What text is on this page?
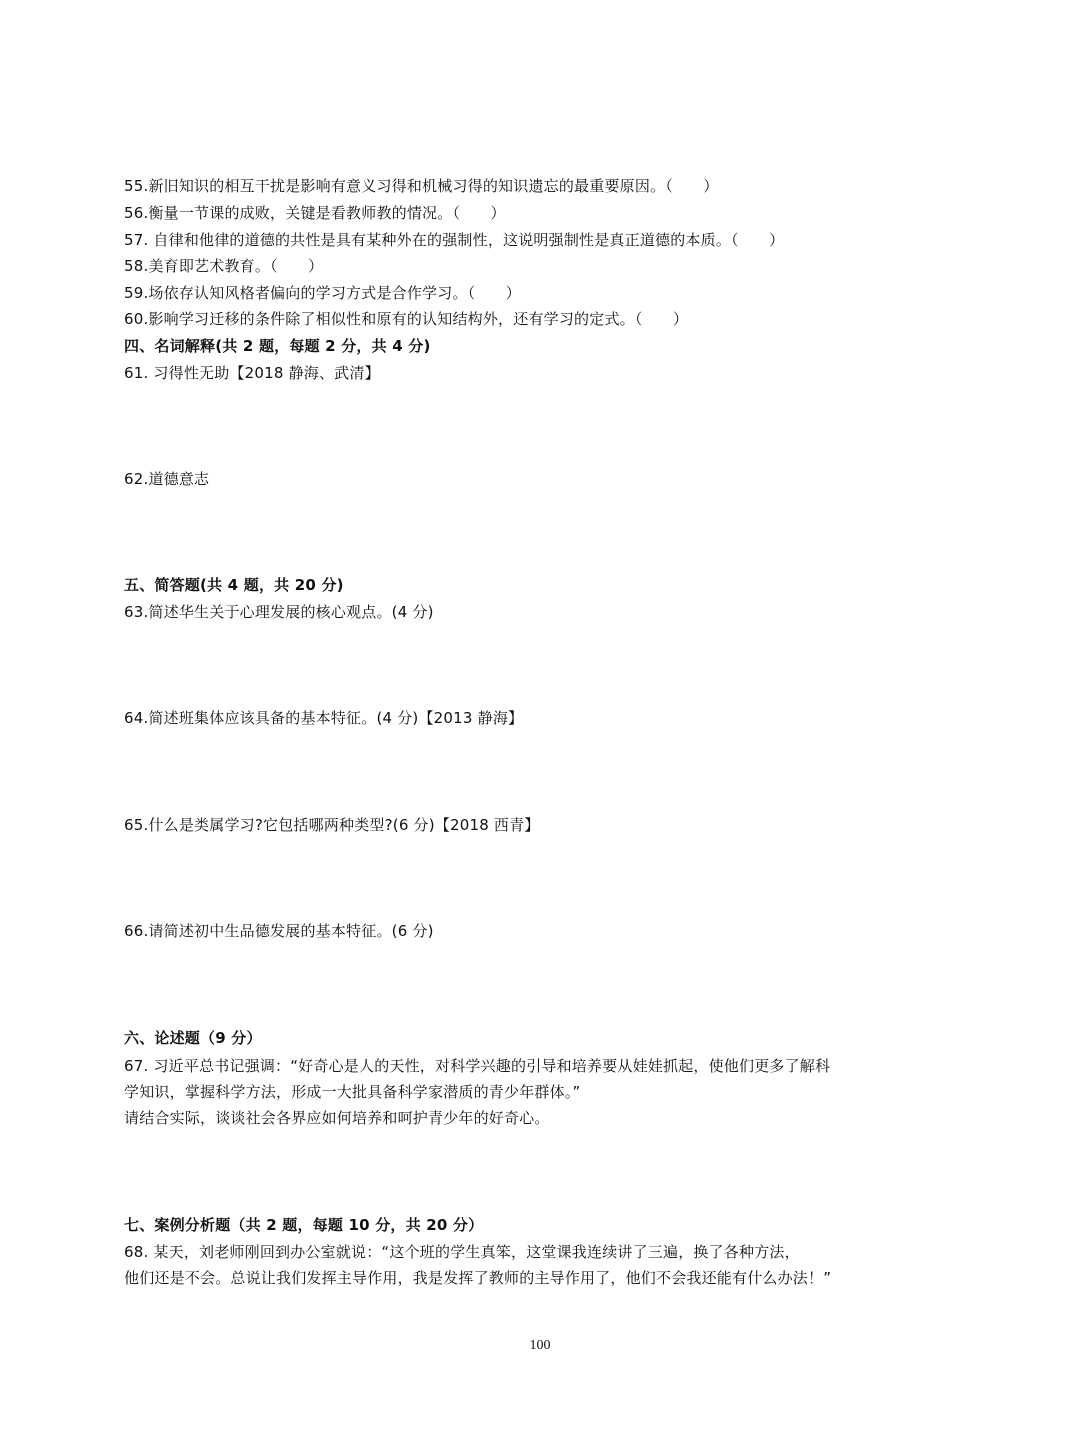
55.新旧知识的相互干扰是影响有意义习得和机械习得的知识遗忘的最重要原因。（　　）
56.衡量一节课的成败，关键是看教师教的情况。（　　）
57. 自律和他律的道德的共性是具有某种外在的强制性，这说明强制性是真正道德的本质。（　　）
58.美育即艺术教育。（　　）
59.场依存认知风格者偏向的学习方式是合作学习。（　　）
60.影响学习迁移的条件除了相似性和原有的认知结构外，还有学习的定式。（　　）
四、名词解释(共 2 题，每题 2 分，共 4 分)
61. 习得性无助【2018 静海、武清】
62.道德意志
五、简答题(共 4 题，共 20 分)
63.简述华生关于心理发展的核心观点。(4 分)
64.简述班集体应该具备的基本特征。(4 分)【2013 静海】
65.什么是类属学习?它包括哪两种类型?(6 分)【2018 西青】
66.请简述初中生品德发展的基本特征。(6 分)
六、论述题（9 分）
67. 习近平总书记强调：“好奇心是人的天性，对科学兴趣的引导和培养要从娃娃抓起，使他们更多了解科
学知识，掌握科学方法，形成一大批具备科学家潜质的青少年群体。”
请结合实际，谈谈社会各界应如何培养和呵护青少年的好奇心。
七、案例分析题（共 2 题，每题 10 分，共 20 分）
68. 某天，刘老师刚回到办公室就说：“这个班的学生真笨，这堂课我连续讲了三遍，换了各种方法，
他们还是不会。总说让我们发挥主导作用，我是发挥了教师的主导作用了，他们不会我还能有什么办法！”
100
